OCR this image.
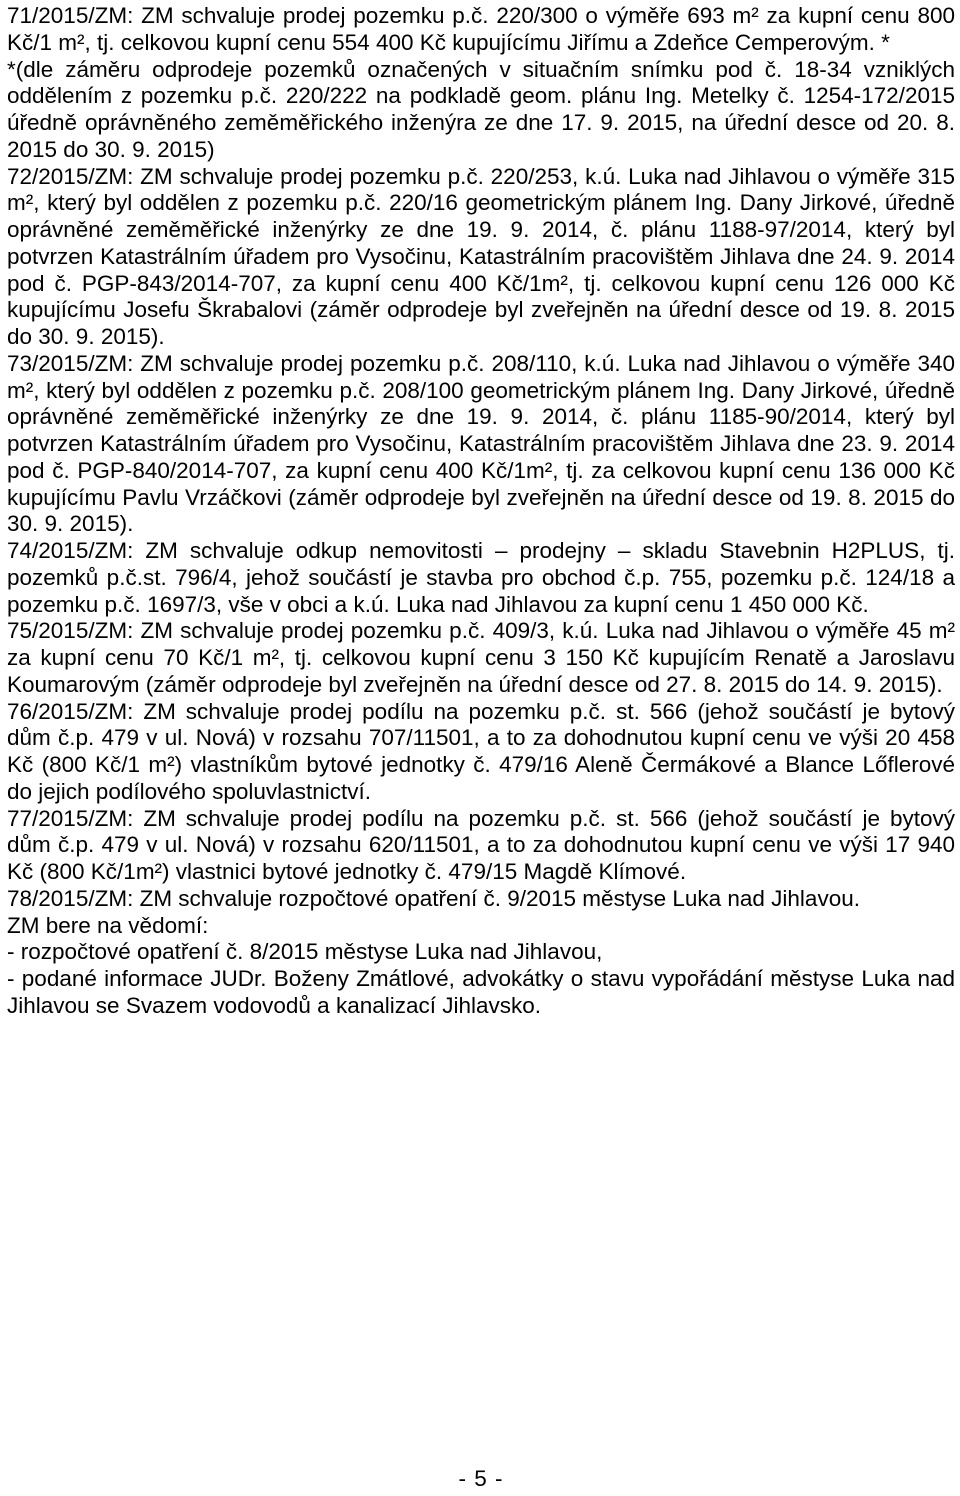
71/2015/ZM: ZM schvaluje prodej pozemku p.č. 220/300 o výměře 693 m² za kupní cenu 800 Kč/1 m², tj. celkovou kupní cenu 554 400 Kč kupujícímu Jiřímu a Zdeňce Cemperovým. *

*(dle záměru odprodeje pozemků označených v situačním snímku pod č. 18-34 vzniklých oddělením z pozemku p.č. 220/222 na podkladě geom. plánu Ing. Metelky č. 1254-172/2015 úředně oprávněného zeměměřického inženýra ze dne 17. 9. 2015, na úřední desce od 20. 8. 2015 do 30. 9. 2015)

72/2015/ZM: ZM schvaluje prodej pozemku p.č. 220/253, k.ú. Luka nad Jihlavou o výměře 315 m², který byl oddělen z pozemku p.č. 220/16 geometrickým plánem Ing. Dany Jirkové, úředně oprávněné zeměměřické inženýrky ze dne 19. 9. 2014, č. plánu 1188-97/2014, který byl potvrzen Katastrálním úřadem pro Vysočinu, Katastrálním pracovištěm Jihlava dne 24. 9. 2014 pod č. PGP-843/2014-707, za kupní cenu 400 Kč/1m², tj. celkovou kupní cenu 126 000 Kč kupujícímu Josefu Škrabalovi (záměr odprodeje byl zveřejněn na úřední desce od 19. 8. 2015 do 30. 9. 2015).

73/2015/ZM: ZM schvaluje prodej pozemku p.č. 208/110, k.ú. Luka nad Jihlavou o výměře 340 m², který byl oddělen z pozemku p.č. 208/100 geometrickým plánem Ing. Dany Jirkové, úředně oprávněné zeměměřické inženýrky ze dne 19. 9. 2014, č. plánu 1185-90/2014, který byl potvrzen Katastrálním úřadem pro Vysočinu, Katastrálním pracovištěm Jihlava dne 23. 9. 2014 pod č. PGP-840/2014-707, za kupní cenu 400 Kč/1m², tj. za celkovou kupní cenu 136 000 Kč kupujícímu Pavlu Vrzáčkovi (záměr odprodeje byl zveřejněn na úřední desce od 19. 8. 2015 do 30. 9. 2015).

74/2015/ZM: ZM schvaluje odkup nemovitosti – prodejny – skladu Stavebnin H2PLUS, tj. pozemků p.č.st. 796/4, jehož součástí je stavba pro obchod č.p. 755, pozemku p.č. 124/18 a pozemku p.č. 1697/3, vše v obci a k.ú. Luka nad Jihlavou za kupní cenu 1 450 000 Kč.

75/2015/ZM: ZM schvaluje prodej pozemku p.č. 409/3, k.ú. Luka nad Jihlavou o výměře 45 m² za kupní cenu 70 Kč/1 m², tj. celkovou kupní cenu 3 150 Kč kupujícím Renatě a Jaroslavu Koumarovým (záměr odprodeje byl zveřejněn na úřední desce od 27. 8. 2015 do 14. 9. 2015).

76/2015/ZM: ZM schvaluje prodej podílu na pozemku p.č. st. 566 (jehož součástí je bytový dům č.p. 479 v ul. Nová) v rozsahu 707/11501, a to za dohodnutou kupní cenu ve výši 20 458 Kč (800 Kč/1 m²) vlastníkům bytové jednotky č. 479/16 Aleně Čermákové a Blance Lőflerové do jejich podílového spoluvlastnictví.

77/2015/ZM: ZM schvaluje prodej podílu na pozemku p.č. st. 566 (jehož součástí je bytový dům č.p. 479 v ul. Nová) v rozsahu 620/11501, a to za dohodnutou kupní cenu ve výši 17 940 Kč (800 Kč/1m²) vlastnici bytové jednotky č. 479/15 Magdě Klímové.

78/2015/ZM: ZM schvaluje rozpočtové opatření č. 9/2015 městyse Luka nad Jihlavou.

ZM bere na vědomí:

- rozpočtové opatření č. 8/2015 městyse Luka nad Jihlavou,

- podané informace JUDr. Boženy Zmátlové, advokátky o stavu vypořádání městyse Luka nad Jihlavou se Svazem vodovodů a kanalizací Jihlavsko.

- 5 -
